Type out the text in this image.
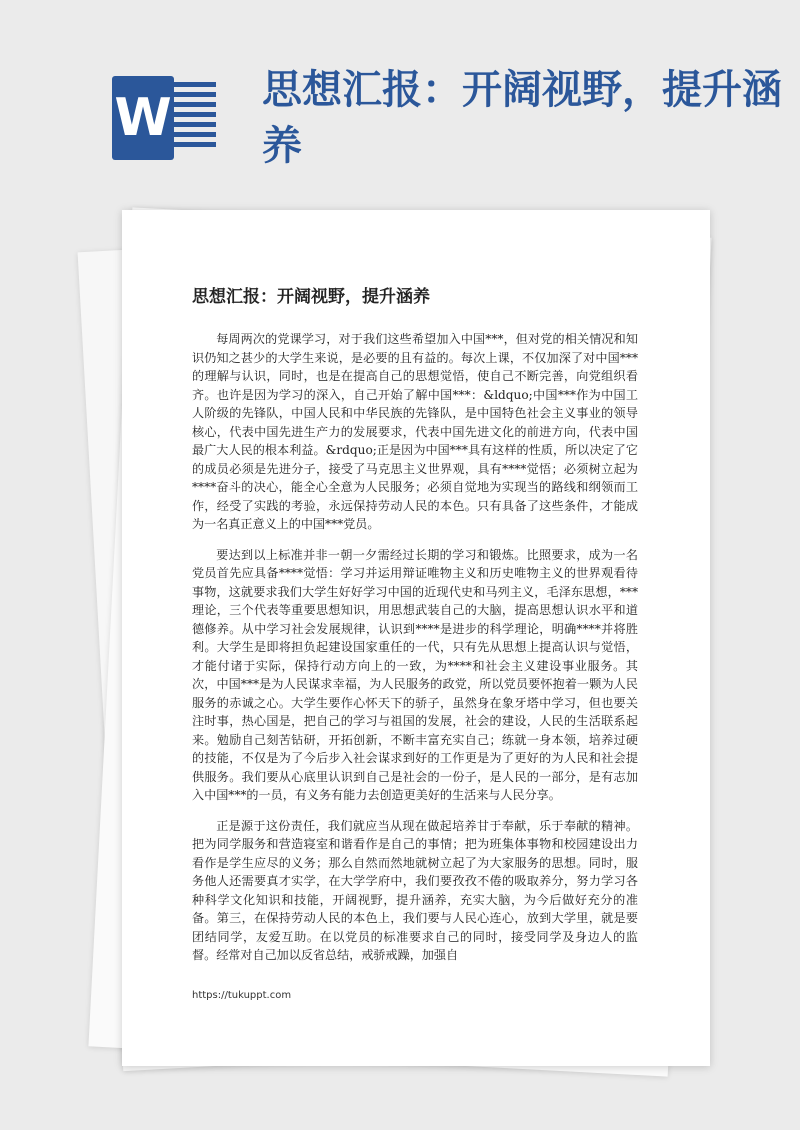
W 思想汇报：开阔视野，提升涵养
思想汇报：开阔视野，提升涵养

每周两次的党课学习，对于我们这些希望加入中国***，但对党的相关情况和知识仍知之甚少的大学生来说，是必要的且有益的。每次上课，不仅加深了对中国***的理解与认识，同时，也是在提高自己的思想觉悟，使自己不断完善，向党组织看齐。也许是因为学习的深入，自己开始了解中国***：&ldquo;中国***作为中国工人阶级的先锋队，中国人民和中华民族的先锋队，是中国特色社会主义事业的领导核心，代表中国先进生产力的发展要求，代表中国先进文化的前进方向，代表中国最广大人民的根本利益。&rdquo;正是因为中国***具有这样的性质，所以决定了它的成员必须是先进分子，接受了马克思主义世界观，具有****觉悟；必须树立起为****奋斗的决心，能全心全意为人民服务；必须自觉地为实现当的路线和纲领而工作，经受了实践的考验，永远保持劳动人民的本色。只有具备了这些条件，才能成为一名真正意义上的中国***党员。

要达到以上标准并非一朝一夕需经过长期的学习和锻炼。比照要求，成为一名党员首先应具备****觉悟：学习并运用辩证唯物主义和历史唯物主义的世界观看待事物，这就要求我们大学生好好学习中国的近现代史和马列主义，毛泽东思想，***理论，三个代表等重要思想知识，用思想武装自己的大脑，提高思想认识水平和道德修养。从中学习社会发展规律，认识到****是进步的科学理论，明确****并将胜利。大学生是即将担负起建设国家重任的一代，只有先从思想上提高认识与觉悟，才能付诸于实际，保持行动方向上的一致，为****和社会主义建设事业服务。其次，中国***是为人民谋求幸福，为人民服务的政党，所以党员要怀抱着一颗为人民服务的赤诚之心。大学生要作心怀天下的骄子，虽然身在象牙塔中学习，但也要关注时事，热心国是，把自己的学习与祖国的发展，社会的建设，人民的生活联系起来。勉励自己刻苦钻研，开拓创新，不断丰富充实自己；练就一身本领，培养过硬的技能，不仅是为了今后步入社会谋求到好的工作更是为了更好的为人民和社会提供服务。我们要从心底里认识到自己是社会的一份子，是人民的一部分，是有志加入中国***的一员，有义务有能力去创造更美好的生活来与人民分享。

正是源于这份责任，我们就应当从现在做起培养甘于奉献，乐于奉献的精神。把为同学服务和营造寝室和谐看作是自己的事情；把为班集体事物和校园建设出力看作是学生应尽的义务；那么自然而然地就树立起了为大家服务的思想。同时，服务他人还需要真才实学，在大学学府中，我们要孜孜不倦的吸取养分，努力学习各种科学文化知识和技能，开阔视野，提升涵养，充实大脑，为今后做好充分的准备。第三，在保持劳动人民的本色上，我们要与人民心连心，放到大学里，就是要团结同学，友爱互助。在以党员的标准要求自己的同时，接受同学及身边人的监督。经常对自己加以反省总结，戒骄戒躁，加强自

https://tukuppt.com
